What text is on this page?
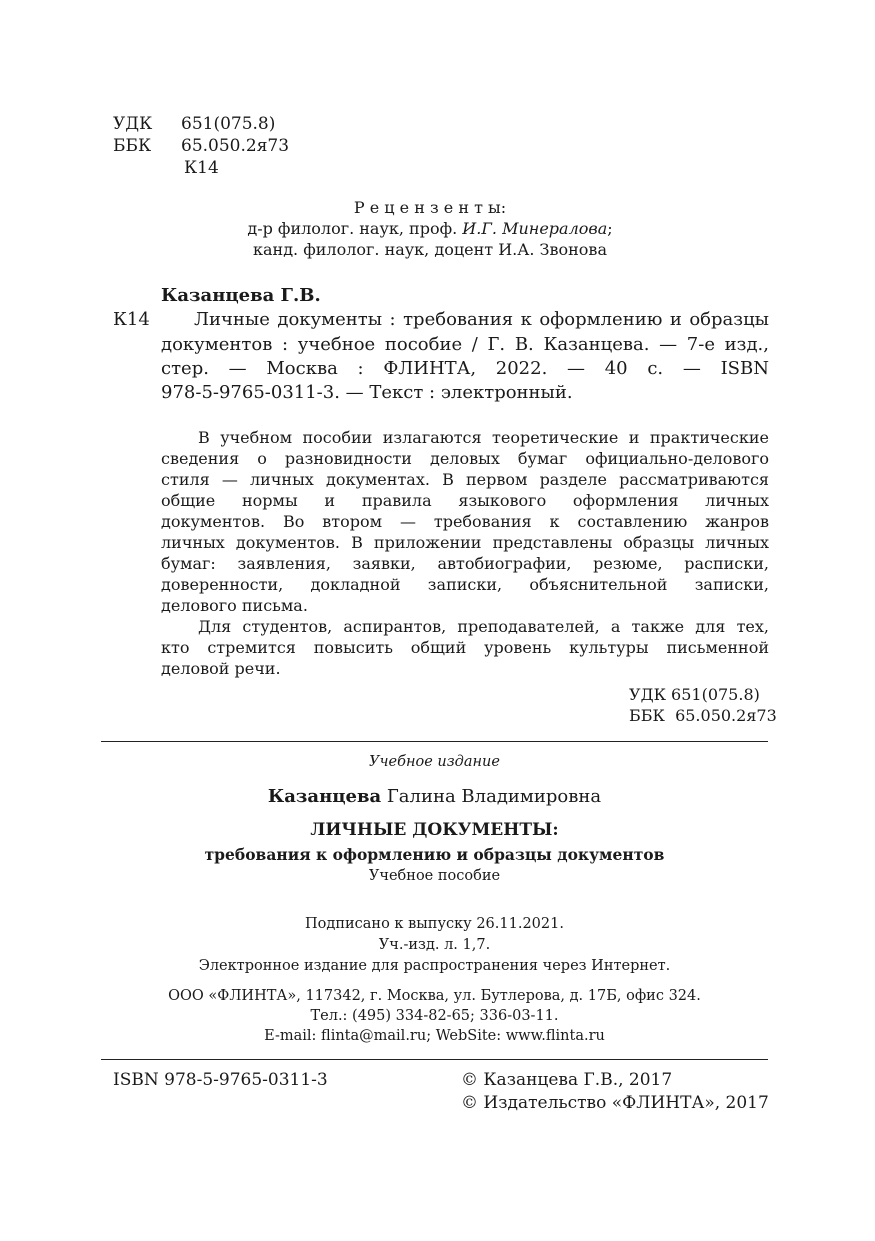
УДК 651(075.8)
ББК 65.050.2я73
К14
Р е ц е н з е н т ы:
д-р филолог. наук, проф. И.Г. Минералова;
канд. филолог. наук, доцент И.А. Звонова
Казанцева Г.В.
К14 Личные документы : требования к оформлению и образцы
документов : учебное пособие / Г. В. Казанцева. — 7-е изд.,
стер. — Москва : ФЛИНТА, 2022. — 40 с. — ISBN
978-5-9765-0311-3. — Текст : электронный.
В учебном пособии излагаются теоретические и практические
сведения о разновидности деловых бумаг официально-делового
стиля — личных документах. В первом разделе рассматриваются
общие нормы и правила языкового оформления личных
документов. Во втором — требования к составлению жанров
личных документов. В приложении представлены образцы личных
бумаг: заявления, заявки, автобиографии, резюме, расписки,
доверенности, докладной записки, объяснительной записки,
делового письма.
Для студентов, аспирантов, преподавателей, а также для тех,
кто стремится повысить общий уровень культуры письменной
деловой речи.
УДК 651(075.8)
ББК  65.050.2я73
Учебное издание
Казанцева Галина Владимировна
ЛИЧНЫЕ ДОКУМЕНТЫ:
требования к оформлению и образцы документов
Учебное пособие
Подписано к выпуску 26.11.2021.
Уч.-изд. л. 1,7.
Электронное издание для распространения через Интернет.
ООО «ФЛИНТА», 117342, г. Москва, ул. Бутлерова, д. 17Б, офис 324.
Тел.: (495) 334-82-65; 336-03-11.
E-mail: flinta@mail.ru; WebSite: www.flinta.ru
ISBN 978-5-9765-0311-3	© Казанцева Г.В., 2017
© Издательство «ФЛИНТА», 2017
